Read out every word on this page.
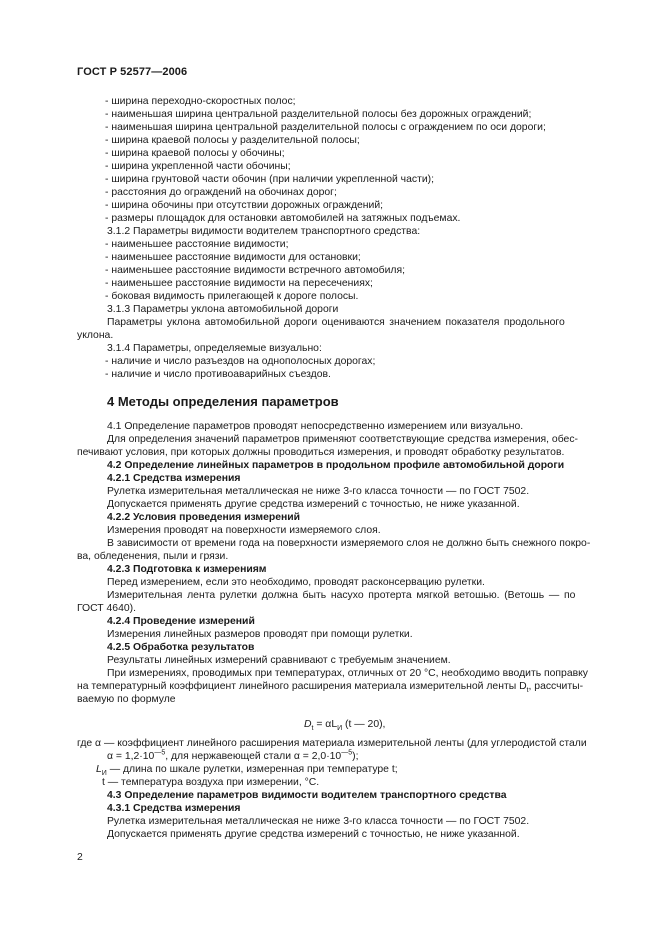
ГОСТ Р 52577—2006
- ширина переходно-скоростных полос;
- наименьшая ширина центральной разделительной полосы без дорожных ограждений;
- наименьшая ширина центральной разделительной полосы с ограждением по оси дороги;
- ширина краевой полосы у разделительной полосы;
- ширина краевой полосы у обочины;
- ширина укрепленной части обочины;
- ширина грунтовой части обочин (при наличии укрепленной части);
- расстояния до ограждений на обочинах дорог;
- ширина обочины при отсутствии дорожных ограждений;
- размеры площадок для остановки автомобилей на затяжных подъемах.
3.1.2 Параметры видимости водителем транспортного средства:
- наименьшее расстояние видимости;
- наименьшее расстояние видимости для остановки;
- наименьшее расстояние видимости встречного автомобиля;
- наименьшее расстояние видимости на пересечениях;
- боковая видимость прилегающей к дороге полосы.
3.1.3 Параметры уклона автомобильной дороги
Параметры уклона автомобильной дороги оцениваются значением показателя продольного
уклона.
3.1.4 Параметры, определяемые визуально:
- наличие и число разъездов на однополосных дорогах;
- наличие и число противоаварийных съездов.
4 Методы определения параметров
4.1 Определение параметров проводят непосредственно измерением или визуально.
Для определения значений параметров применяют соответствующие средства измерения, обес-
печивают условия, при которых должны проводиться измерения, и проводят обработку результатов.
4.2 Определение линейных параметров в продольном профиле автомобильной дороги
4.2.1 Средства измерения
Рулетка измерительная металлическая не ниже 3-го класса точности — по ГОСТ 7502.
Допускается применять другие средства измерений с точностью, не ниже указанной.
4.2.2 Условия проведения измерений
Измерения проводят на поверхности измеряемого слоя.
В зависимости от времени года на поверхности измеряемого слоя не должно быть снежного покро-
ва, обледенения, пыли и грязи.
4.2.3 Подготовка к измерениям
Перед измерением, если это необходимо, проводят расконсервацию рулетки.
Измерительная лента рулетки должна быть насухо протерта мягкой ветошью. (Ветошь — по
ГОСТ 4640).
4.2.4 Проведение измерений
Измерения линейных размеров проводят при помощи рулетки.
4.2.5 Обработка результатов
Результаты линейных измерений сравнивают с требуемым значением.
При измерениях, проводимых при температурах, отличных от 20 °С, необходимо вводить поправку
на температурный коэффициент линейного расширения материала измерительной ленты $D_t$, рассчиты-
ваемую по формуле
$D_t = \alpha L_И$ (t — 20),
где α — коэффициент линейного расширения материала измерительной ленты (для углеродистой стали
$\alpha = 1,2\cdot 10^{—5}$, для нержавеющей стали $\alpha = 2,0\cdot 10^{—5}$);
$L_И$ — длина по шкале рулетки, измеренная при температуре t;
t — температура воздуха при измерении, °С.
4.3 Определение параметров видимости водителем транспортного средства
4.3.1 Средства измерения
Рулетка измерительная металлическая не ниже 3-го класса точности — по ГОСТ 7502.
Допускается применять другие средства измерений с точностью, не ниже указанной.
2
